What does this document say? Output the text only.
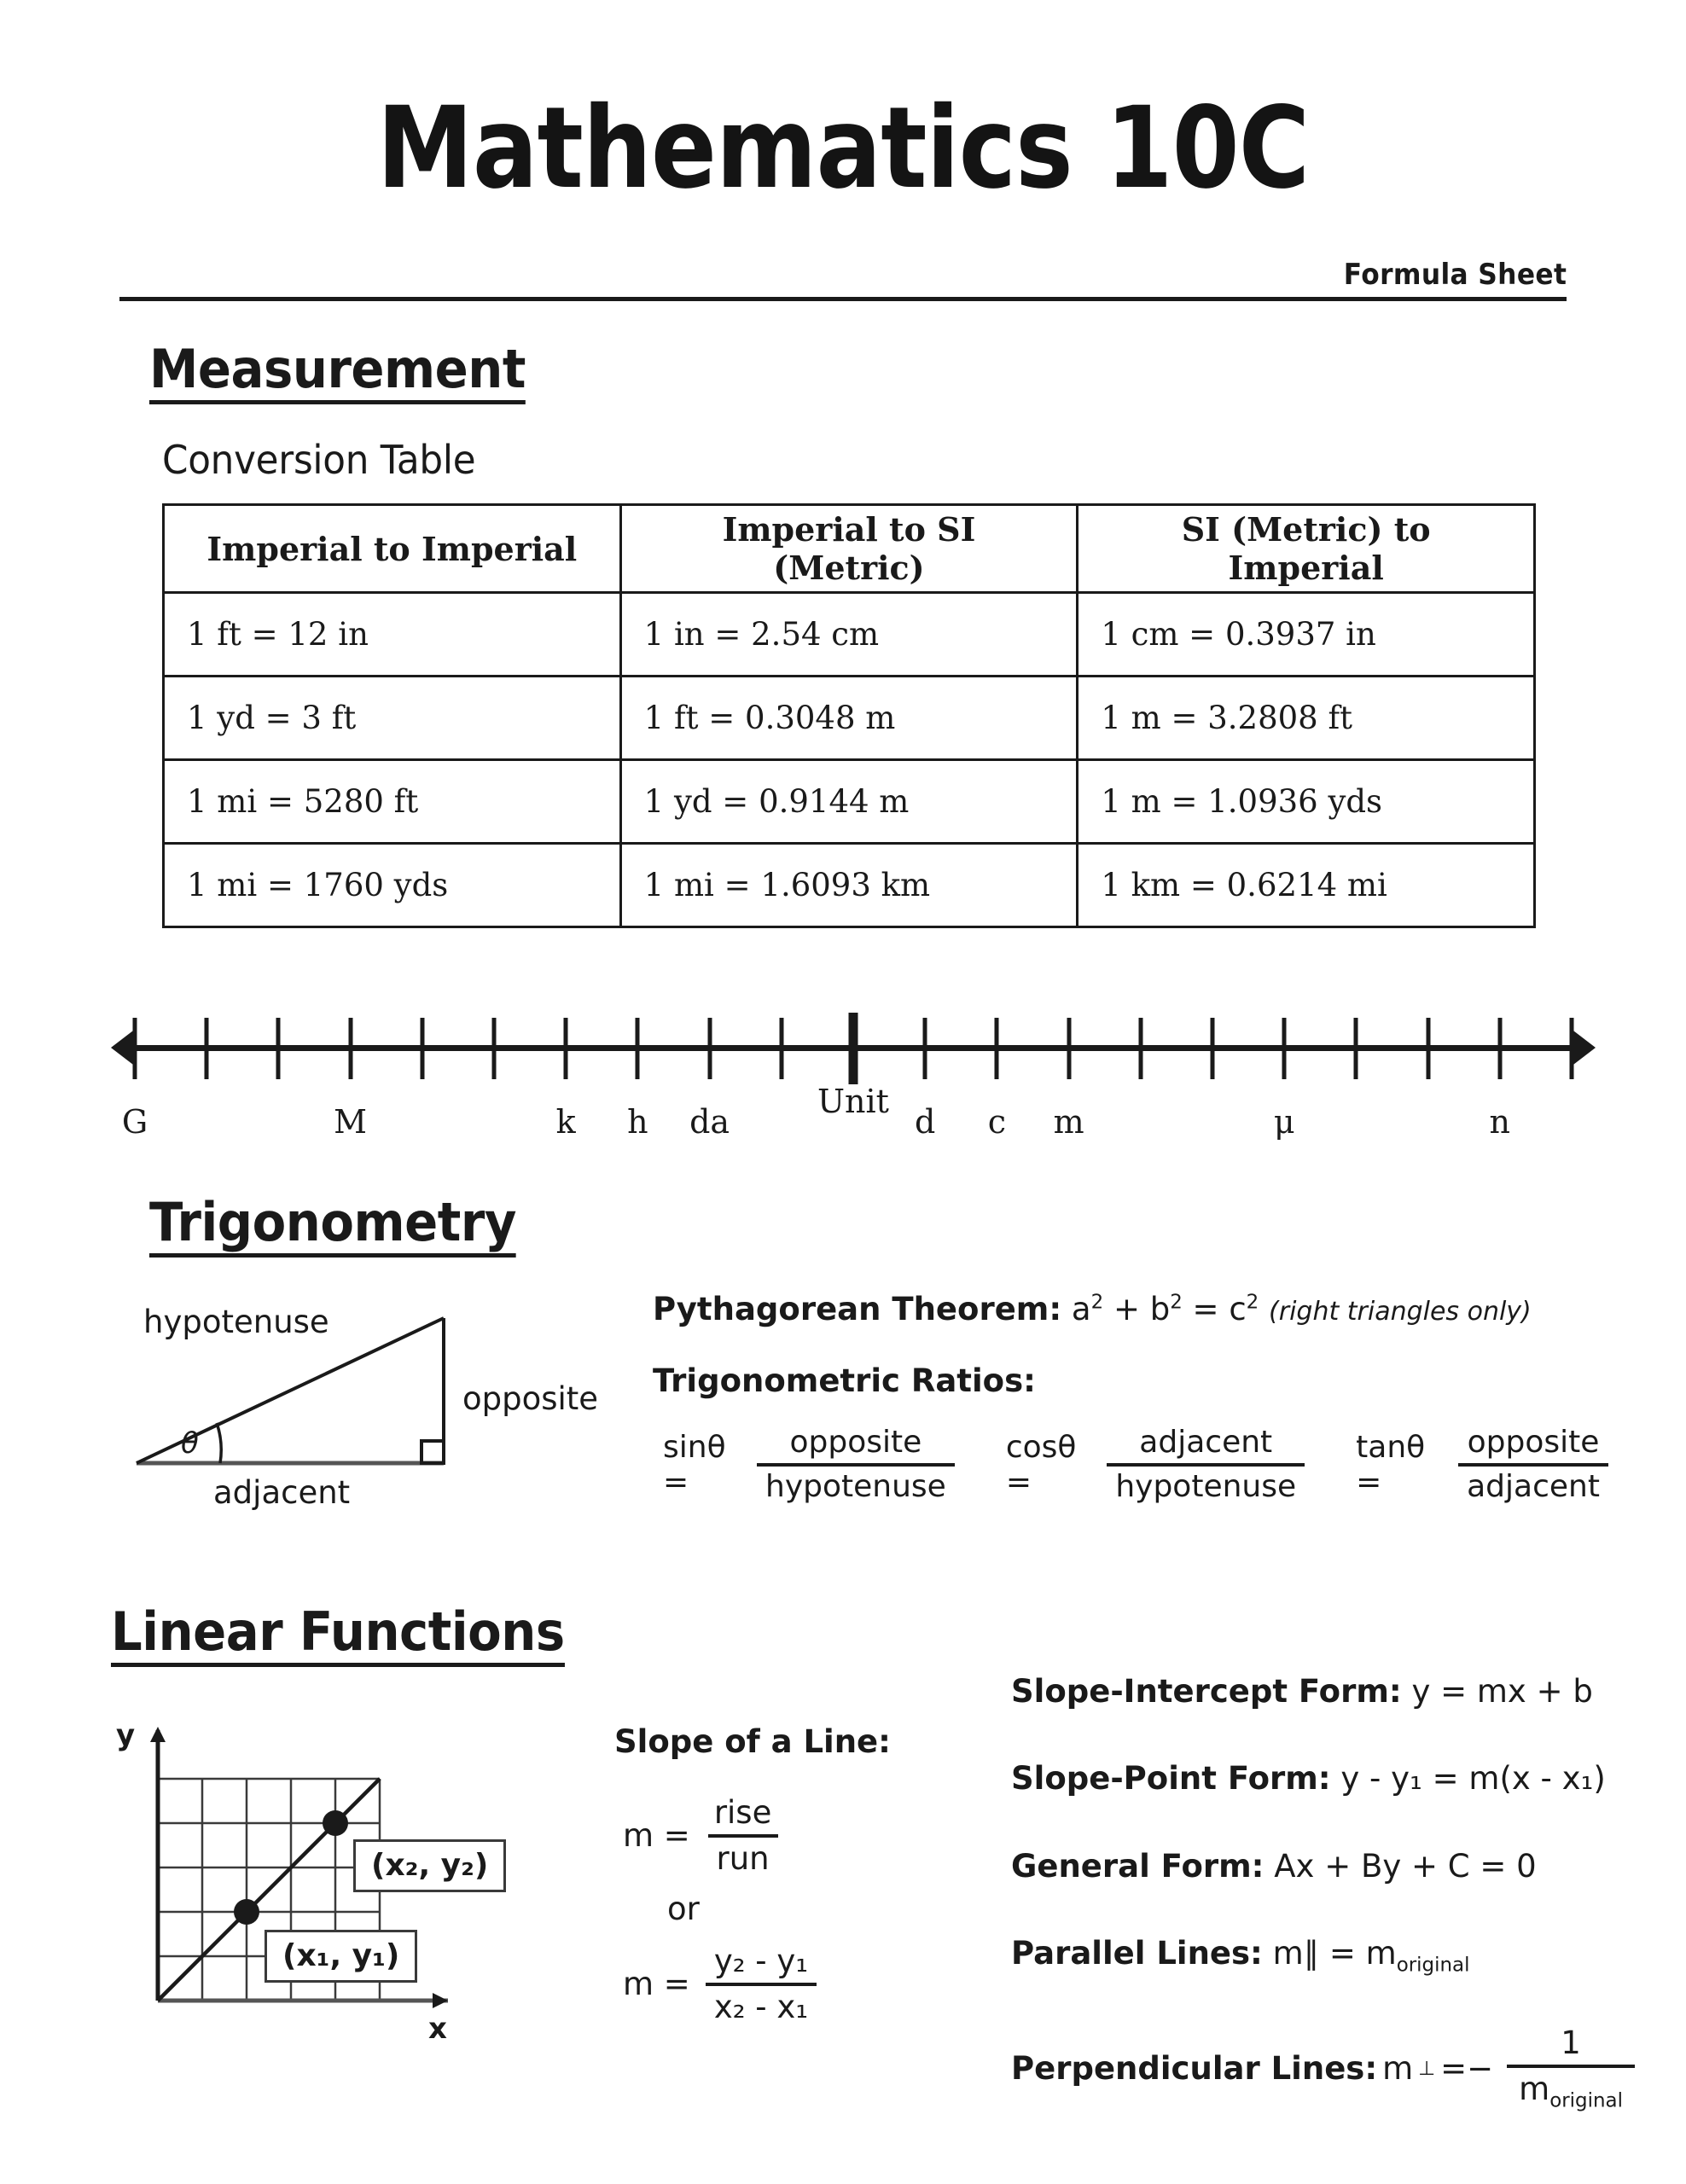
Mathematics 10C
Formula Sheet
Measurement
Conversion Table
Imperial to Imperial	Imperial to SI (Metric)	SI (Metric) to Imperial
1 ft = 12 in	1 in = 2.54 cm	1 cm = 0.3937 in
1 yd = 3 ft	1 ft = 0.3048 m	1 m = 3.2808 ft
1 mi = 5280 ft	1 yd = 0.9144 m	1 m = 1.0936 yds
1 mi = 1760 yds	1 mi = 1.6093 km	1 km = 0.6214 mi
G	M	k h da
Unit
d c m	μ	n
Trigonometry
hypotenuse
opposite
adjacent
θ
Pythagorean Theorem: $a^2 + b^2 = c^2$ (right triangles only)
Trigonometric Ratios:
sinθ =	$\frac{\text{opposite}}{\text{hypotenuse}}$ cosθ =	$\frac{\text{adjacent}}{\text{hypotenuse}}$ tanθ =	$\frac{\text{opposite}}{\text{adjacent}}$
Linear Functions
y
x
(x₂, y₂)
(x₁, y₁)
Slope of a Line:
$m = \frac{\text{rise}}{\text{run}}$
or
$m = \frac{\text{y₂ - y₁}}{\text{x₂ - x₁}}$
Slope-Intercept Form: y = mx + b
Slope-Point Form: y - y₁ = m(x - x₁)
General Form: Ax + By + C = 0
Parallel Lines: m∥ = $m_{original}$
Perpendicular Lines: m ⊥ =− $\frac{1}{m_{original}}$
